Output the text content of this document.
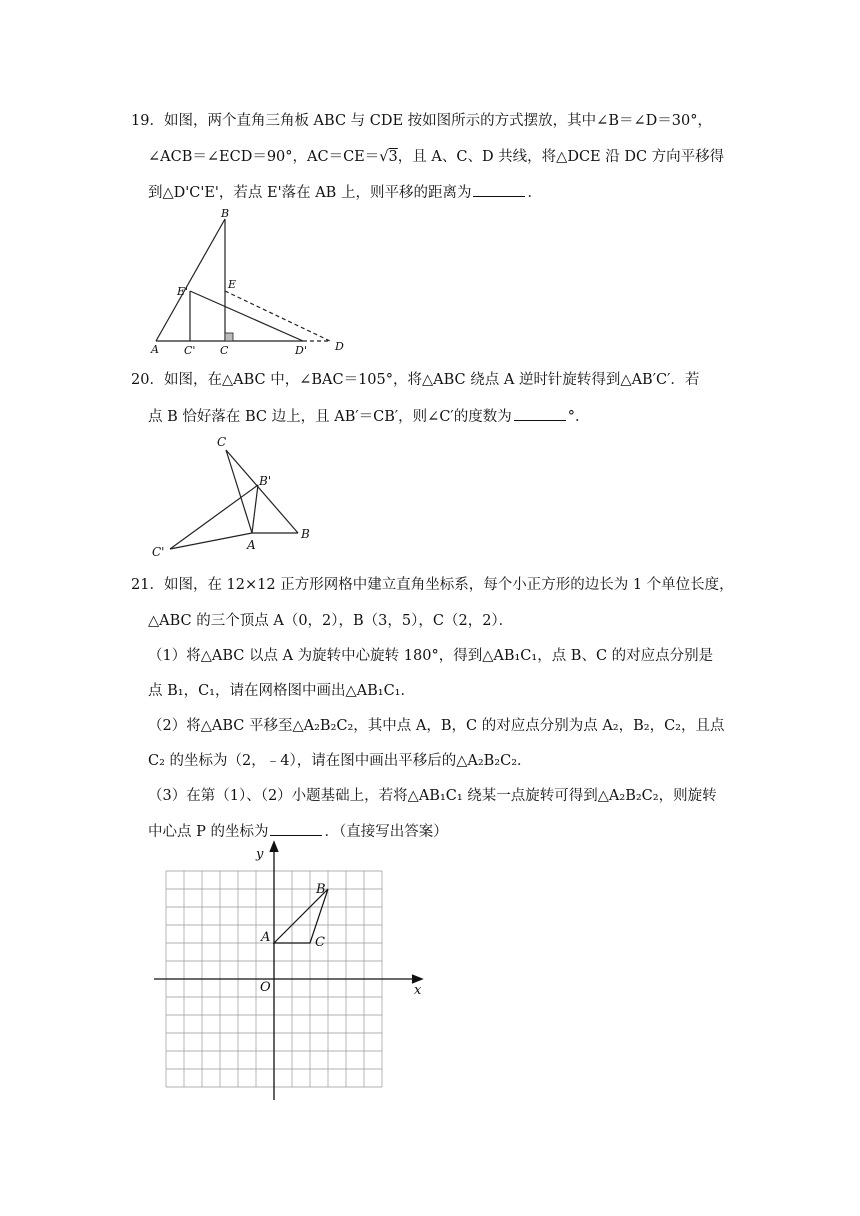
19．如图，两个直角三角板 ABC 与 CDE 按如图所示的方式摆放，其中∠B＝∠D＝30°，
∠ACB＝∠ECD＝90°，AC＝CE＝√3，且 A、C、D 共线，将△DCE 沿 DC 方向平移得
到△D'C'E'，若点 E'落在 AB 上，则平移的距离为	．
B
E'
E
A C' C	D'	D
20．如图，在△ABC 中，∠BAC＝105°，将△ABC 绕点 A 逆时针旋转得到△AB′C′．若
点 B 恰好落在 BC 边上，且 AB′＝CB′，则∠C′的度数为	°．
C
B'
C'	A
B
21．如图，在 12×12 正方形网格中建立直角坐标系，每个小正方形的边长为 1 个单位长度，
△ABC 的三个顶点 A（0，2），B（3，5），C（2，2）．
（1）将△ABC 以点 A 为旋转中心旋转 180°，得到△AB₁C₁，点 B、C 的对应点分别是
点 B₁，C₁，请在网格图中画出△AB₁C₁．
（2）将△ABC 平移至△A₂B₂C₂，其中点 A，B，C 的对应点分别为点 A₂，B₂，C₂，且点
C₂ 的坐标为（2，﹣4），请在图中画出平移后的△A₂B₂C₂．
（3）在第（1）、（2）小题基础上，若将△AB₁C₁ 绕某一点旋转可得到△A₂B₂C₂，则旋转
中心点 P 的坐标为	．（直接写出答案）
y
x
O
A
B
C
